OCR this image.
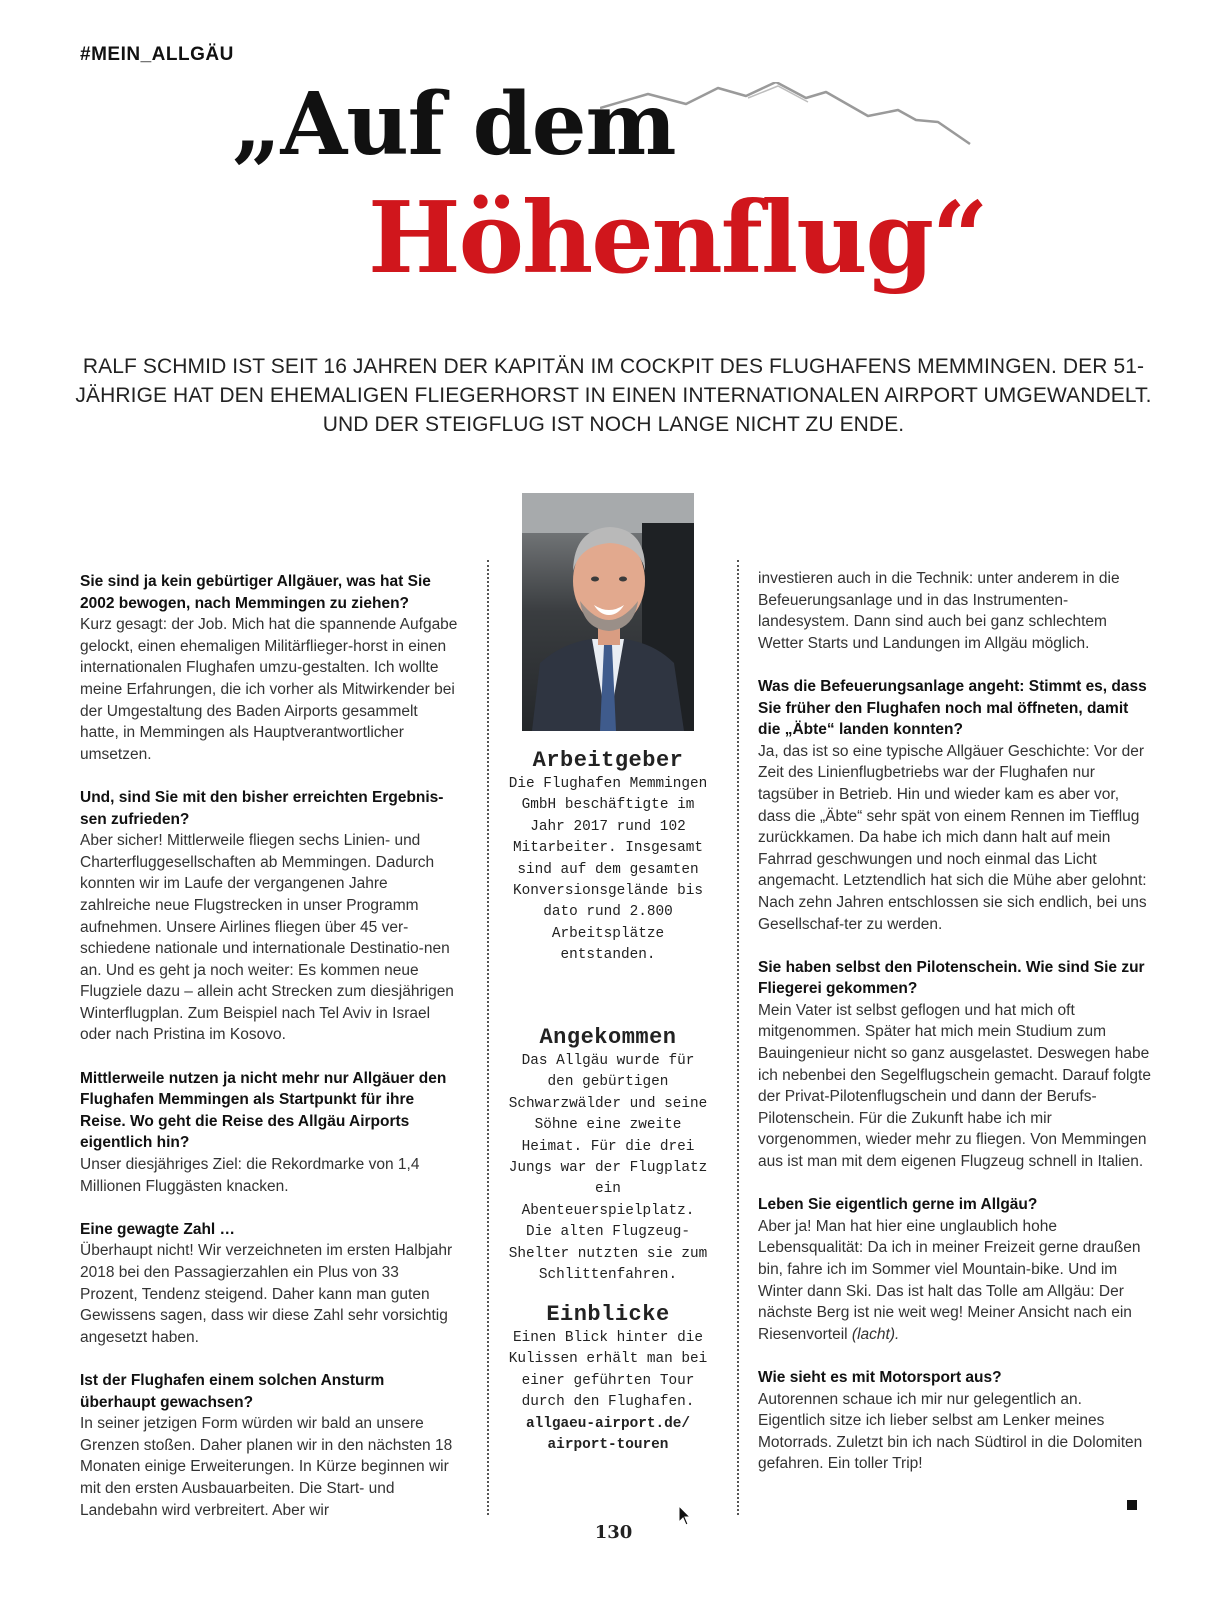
#MEIN_ALLGÄU
„Auf dem
Höhenflug“
RALF SCHMID IST SEIT 16 JAHREN DER KAPITÄN IM COCKPIT DES FLUGHAFENS MEMMINGEN. DER 51-JÄHRIGE HAT DEN EHEMALIGEN FLIEGERHORST IN EINEN INTERNATIONALEN AIRPORT UMGEWANDELT. UND DER STEIGFLUG IST NOCH LANGE NICHT ZU ENDE.

Sie sind ja kein gebürtiger Allgäuer, was hat Sie 2002 bewogen, nach Memmingen zu ziehen?
Kurz gesagt: der Job. Mich hat die spannende Aufgabe gelockt, einen ehemaligen Militärflieger-horst in einen internationalen Flughafen umzu-gestalten. Ich wollte meine Erfahrungen, die ich vorher als Mitwirkender bei der Umgestaltung des Baden Airports gesammelt hatte, in Memmingen als Hauptverantwortlicher umsetzen.

Und, sind Sie mit den bisher erreichten Ergebnis-sen zufrieden?
Aber sicher! Mittlerweile fliegen sechs Linien- und Charterfluggesellschaften ab Memmingen. Dadurch konnten wir im Laufe der vergangenen Jahre zahlreiche neue Flugstrecken in unser Programm aufnehmen. Unsere Airlines fliegen über 45 ver-schiedene nationale und internationale Destinatio-nen an. Und es geht ja noch weiter: Es kommen neue Flugziele dazu – allein acht Strecken zum diesjährigen Winterflugplan. Zum Beispiel nach Tel Aviv in Israel oder nach Pristina im Kosovo.

Mittlerweile nutzen ja nicht mehr nur Allgäuer den Flughafen Memmingen als Startpunkt für ihre Reise. Wo geht die Reise des Allgäu Airports eigentlich hin?
Unser diesjähriges Ziel: die Rekordmarke von 1,4 Millionen Fluggästen knacken.

Eine gewagte Zahl …
Überhaupt nicht! Wir verzeichneten im ersten Halbjahr 2018 bei den Passagierzahlen ein Plus von 33 Prozent, Tendenz steigend. Daher kann man guten Gewissens sagen, dass wir diese Zahl sehr vorsichtig angesetzt haben.

Ist der Flughafen einem solchen Ansturm überhaupt gewachsen?
In seiner jetzigen Form würden wir bald an unsere Grenzen stoßen. Daher planen wir in den nächsten 18 Monaten einige Erweiterungen. In Kürze beginnen wir mit den ersten Ausbauarbeiten. Die Start- und Landebahn wird verbreitert. Aber wir

Arbeitgeber
Die Flughafen Memmingen GmbH beschäftigte im Jahr 2017 rund 102 Mitarbeiter. Insgesamt sind auf dem gesamten Konversionsgelände bis dato rund 2.800 Arbeitsplätze entstanden.
Angekommen
Das Allgäu wurde für den gebürtigen Schwarzwälder und seine Söhne eine zweite Heimat. Für die drei Jungs war der Flugplatz ein Abenteuerspielplatz. Die alten Flugzeug-Shelter nutzten sie zum Schlittenfahren.
Einblicke
Einen Blick hinter die Kulissen erhält man bei einer geführten Tour durch den Flughafen.
allgaeu-airport.de/ airport-touren

investieren auch in die Technik: unter anderem in die Befeuerungsanlage und in das Instrumenten-landesystem. Dann sind auch bei ganz schlechtem Wetter Starts und Landungen im Allgäu möglich.

Was die Befeuerungsanlage angeht: Stimmt es, dass Sie früher den Flughafen noch mal öffneten, damit die „Äbte“ landen konnten?
Ja, das ist so eine typische Allgäuer Geschichte: Vor der Zeit des Linienflugbetriebs war der Flughafen nur tagsüber in Betrieb. Hin und wieder kam es aber vor, dass die „Äbte“ sehr spät von einem Rennen im Tiefflug zurückkamen. Da habe ich mich dann halt auf mein Fahrrad geschwungen und noch einmal das Licht angemacht. Letztendlich hat sich die Mühe aber gelohnt: Nach zehn Jahren entschlossen sie sich endlich, bei uns Gesellschaf-ter zu werden.

Sie haben selbst den Pilotenschein. Wie sind Sie zur Fliegerei gekommen?
Mein Vater ist selbst geflogen und hat mich oft mitgenommen. Später hat mich mein Studium zum Bauingenieur nicht so ganz ausgelastet. Deswegen habe ich nebenbei den Segelflugschein gemacht. Darauf folgte der Privat-Pilotenflugschein und dann der Berufs-Pilotenschein. Für die Zukunft habe ich mir vorgenommen, wieder mehr zu fliegen. Von Memmingen aus ist man mit dem eigenen Flugzeug schnell in Italien.

Leben Sie eigentlich gerne im Allgäu?
Aber ja! Man hat hier eine unglaublich hohe Lebensqualität: Da ich in meiner Freizeit gerne draußen bin, fahre ich im Sommer viel Mountain-bike. Und im Winter dann Ski. Das ist halt das Tolle am Allgäu: Der nächste Berg ist nie weit weg! Meiner Ansicht nach ein Riesenvorteil (lacht).

Wie sieht es mit Motorsport aus?
Autorennen schaue ich mir nur gelegentlich an. Eigentlich sitze ich lieber selbst am Lenker meines Motorrads. Zuletzt bin ich nach Südtirol in die Dolomiten gefahren. Ein toller Trip!

130
